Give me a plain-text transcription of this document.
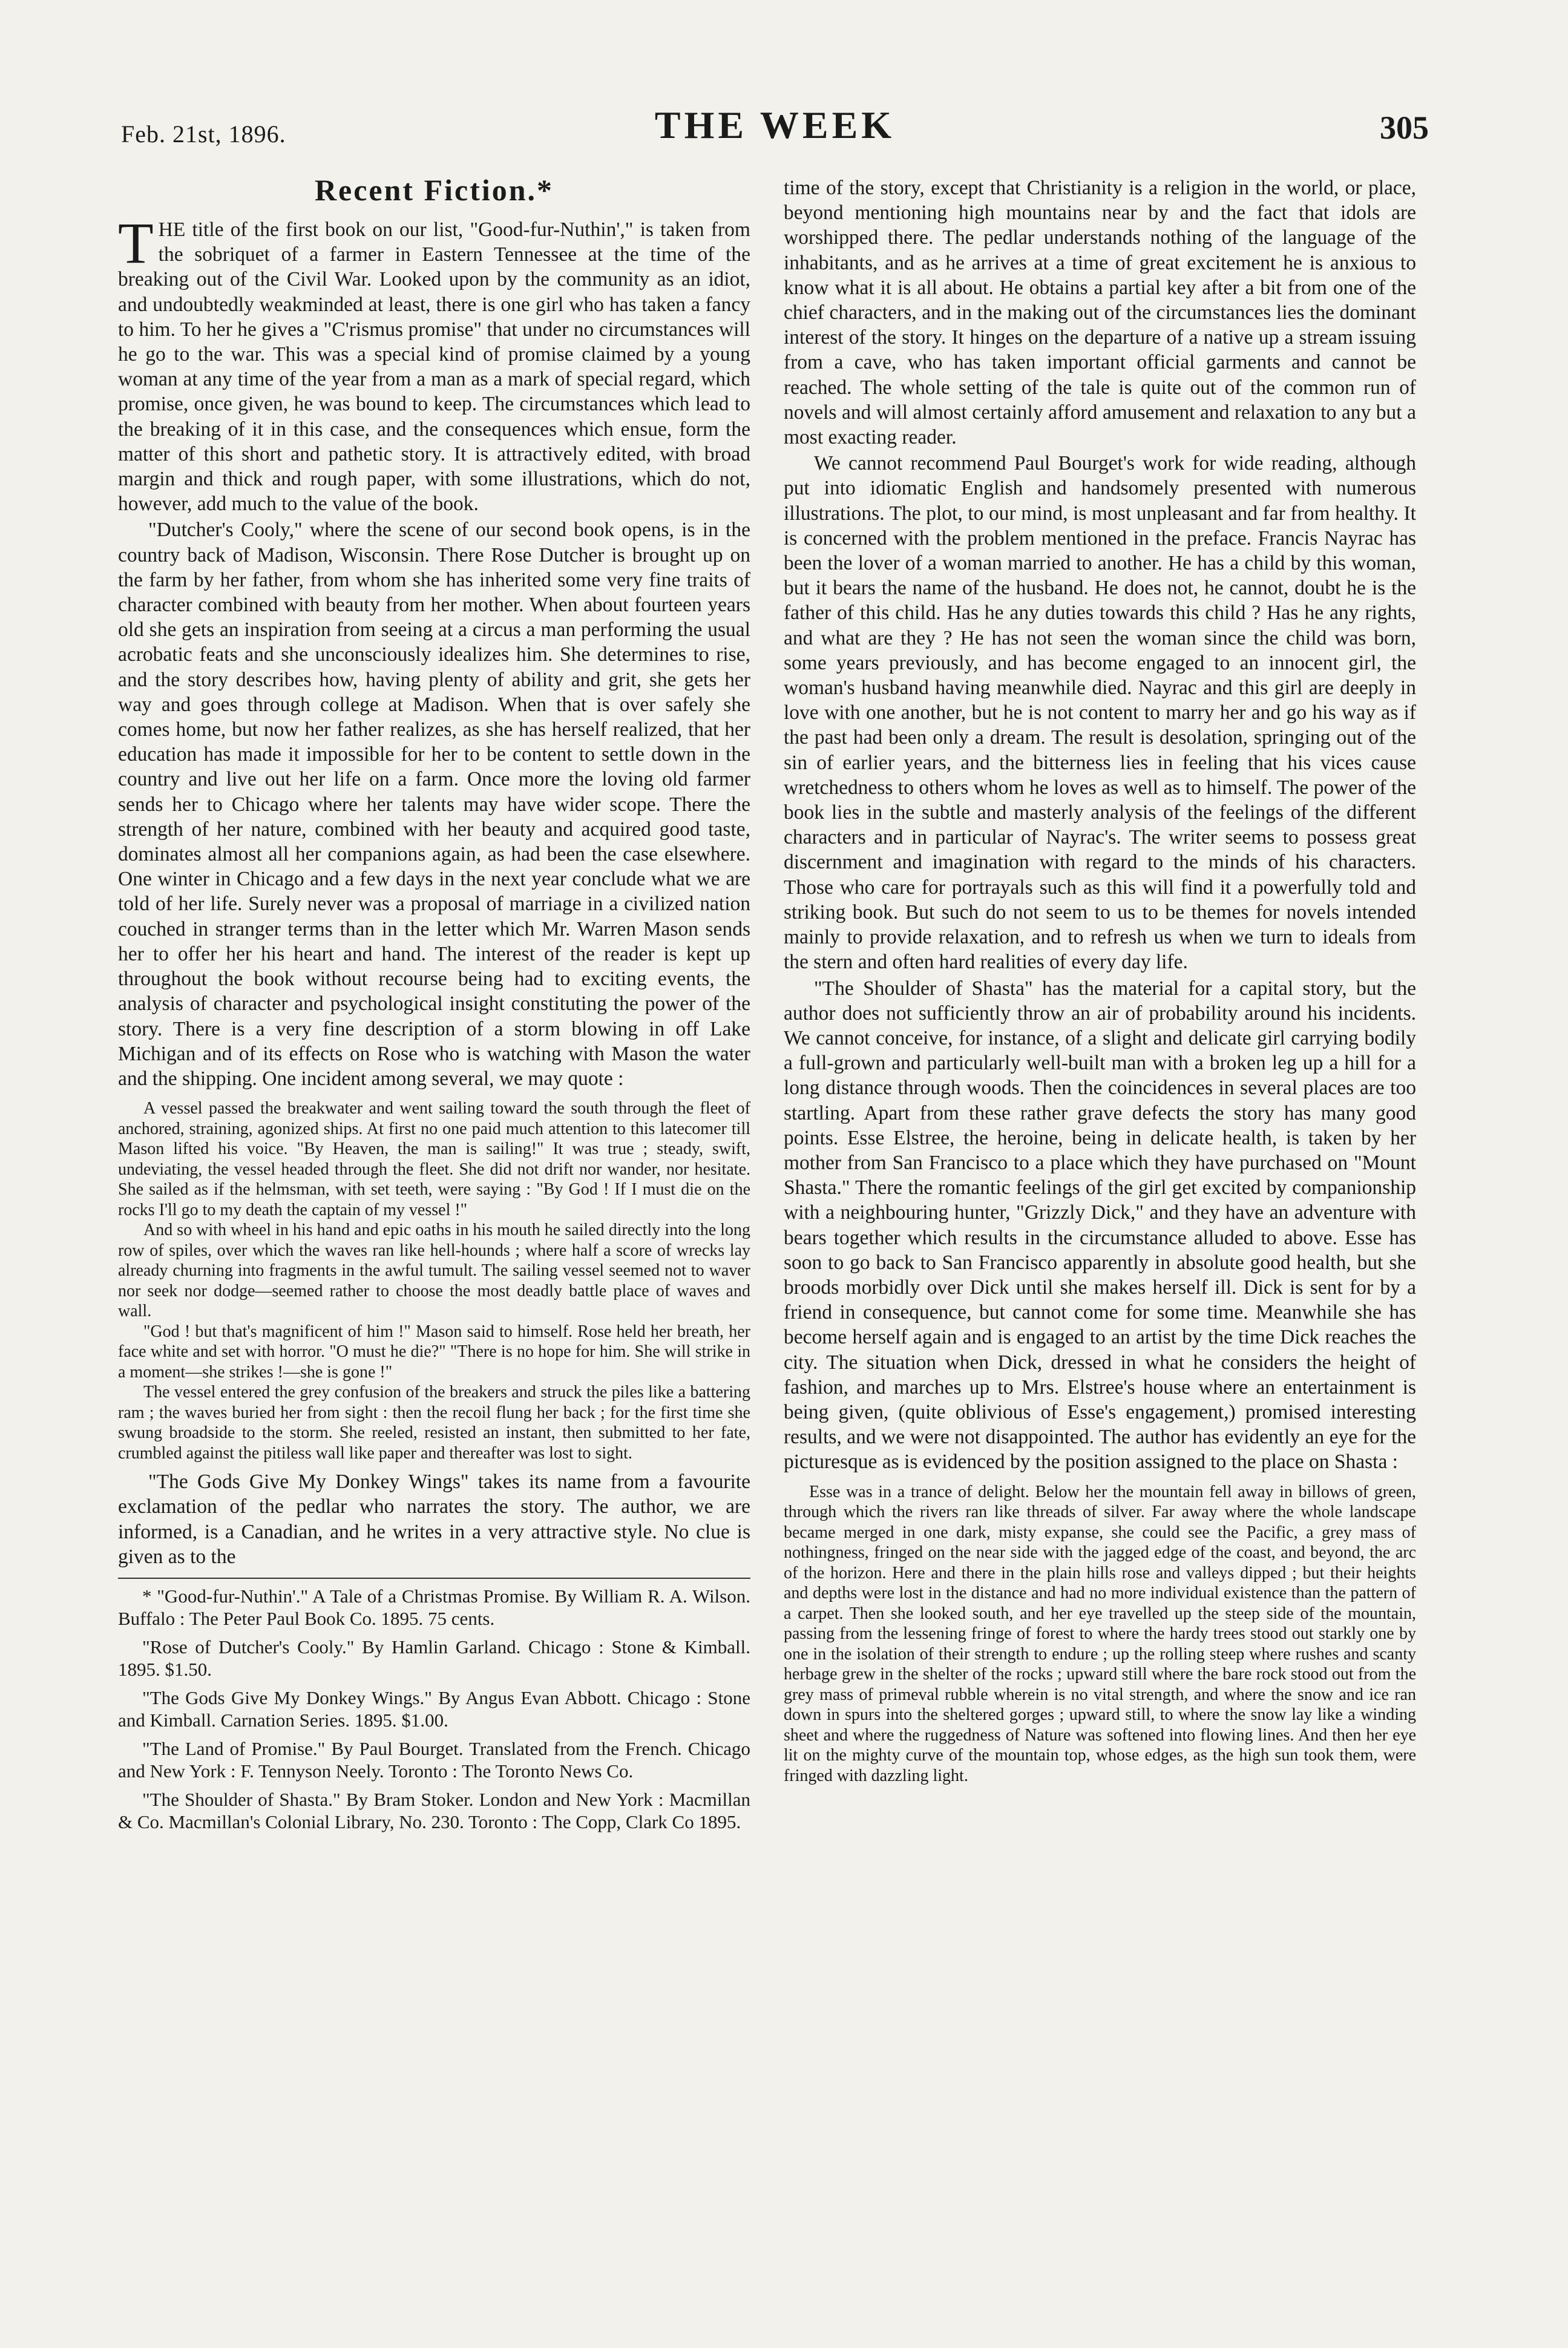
Feb. 21st, 1896.	THE WEEK	305
Recent Fiction.*

THE title of the first book on our list, "Good-fur-Nuthin'," is taken from the sobriquet of a farmer in Eastern Tennessee at the time of the breaking out of the Civil War. Looked upon by the community as an idiot, and undoubtedly weakminded at least, there is one girl who has taken a fancy to him. To her he gives a "C'rismus promise" that under no circumstances will he go to the war. This was a special kind of promise claimed by a young woman at any time of the year from a man as a mark of special regard, which promise, once given, he was bound to keep. The circumstances which lead to the breaking of it in this case, and the consequences which ensue, form the matter of this short and pathetic story. It is attractively edited, with broad margin and thick and rough paper, with some illustrations, which do not, however, add much to the value of the book.

"Dutcher's Cooly," where the scene of our second book opens, is in the country back of Madison, Wisconsin. There Rose Dutcher is brought up on the farm by her father, from whom she has inherited some very fine traits of character combined with beauty from her mother. When about fourteen years old she gets an inspiration from seeing at a circus a man performing the usual acrobatic feats and she unconsciously idealizes him. She determines to rise, and the story describes how, having plenty of ability and grit, she gets her way and goes through college at Madison. When that is over safely she comes home, but now her father realizes, as she has herself realized, that her education has made it impossible for her to be content to settle down in the country and live out her life on a farm. Once more the loving old farmer sends her to Chicago where her talents may have wider scope. There the strength of her nature, combined with her beauty and acquired good taste, dominates almost all her companions again, as had been the case elsewhere. One winter in Chicago and a few days in the next year conclude what we are told of her life. Surely never was a proposal of marriage in a civilized nation couched in stranger terms than in the letter which Mr. Warren Mason sends her to offer her his heart and hand. The interest of the reader is kept up throughout the book without recourse being had to exciting events, the analysis of character and psychological insight constituting the power of the story. There is a very fine description of a storm blowing in off Lake Michigan and of its effects on Rose who is watching with Mason the water and the shipping. One incident among several, we may quote :

A vessel passed the breakwater and went sailing toward the south through the fleet of anchored, straining, agonized ships. At first no one paid much attention to this latecomer till Mason lifted his voice. "By Heaven, the man is sailing!" It was true ; steady, swift, undeviating, the vessel headed through the fleet. She did not drift nor wander, nor hesitate. She sailed as if the helmsman, with set teeth, were saying : "By God ! If I must die on the rocks I'll go to my death the captain of my vessel !"

And so with wheel in his hand and epic oaths in his mouth he sailed directly into the long row of spiles, over which the waves ran like hell-hounds ; where half a score of wrecks lay already churning into fragments in the awful tumult. The sailing vessel seemed not to waver nor seek nor dodge—seemed rather to choose the most deadly battle place of waves and wall.

"God ! but that's magnificent of him !" Mason said to himself. Rose held her breath, her face white and set with horror. "O must he die?" "There is no hope for him. She will strike in a moment—she strikes !—she is gone !"

The vessel entered the grey confusion of the breakers and struck the piles like a battering ram ; the waves buried her from sight : then the recoil flung her back ; for the first time she swung broadside to the storm. She reeled, resisted an instant, then submitted to her fate, crumbled against the pitiless wall like paper and thereafter was lost to sight.

"The Gods Give My Donkey Wings" takes its name from a favourite exclamation of the pedlar who narrates the story. The author, we are informed, is a Canadian, and he writes in a very attractive style. No clue is given as to the

* "Good-fur-Nuthin'." A Tale of a Christmas Promise. By William R. A. Wilson. Buffalo : The Peter Paul Book Co. 1895. 75 cents.

"Rose of Dutcher's Cooly." By Hamlin Garland. Chicago : Stone & Kimball. 1895. $1.50.

"The Gods Give My Donkey Wings." By Angus Evan Abbott. Chicago : Stone and Kimball. Carnation Series. 1895. $1.00.

"The Land of Promise." By Paul Bourget. Translated from the French. Chicago and New York : F. Tennyson Neely. Toronto : The Toronto News Co.

"The Shoulder of Shasta." By Bram Stoker. London and New York : Macmillan & Co. Macmillan's Colonial Library, No. 230. Toronto : The Copp, Clark Co 1895.

time of the story, except that Christianity is a religion in the world, or place, beyond mentioning high mountains near by and the fact that idols are worshipped there. The pedlar understands nothing of the language of the inhabitants, and as he arrives at a time of great excitement he is anxious to know what it is all about. He obtains a partial key after a bit from one of the chief characters, and in the making out of the circumstances lies the dominant interest of the story. It hinges on the departure of a native up a stream issuing from a cave, who has taken important official garments and cannot be reached. The whole setting of the tale is quite out of the common run of novels and will almost certainly afford amusement and relaxation to any but a most exacting reader.

We cannot recommend Paul Bourget's work for wide reading, although put into idiomatic English and handsomely presented with numerous illustrations. The plot, to our mind, is most unpleasant and far from healthy. It is concerned with the problem mentioned in the preface. Francis Nayrac has been the lover of a woman married to another. He has a child by this woman, but it bears the name of the husband. He does not, he cannot, doubt he is the father of this child. Has he any duties towards this child ? Has he any rights, and what are they ? He has not seen the woman since the child was born, some years previously, and has become engaged to an innocent girl, the woman's husband having meanwhile died. Nayrac and this girl are deeply in love with one another, but he is not content to marry her and go his way as if the past had been only a dream. The result is desolation, springing out of the sin of earlier years, and the bitterness lies in feeling that his vices cause wretchedness to others whom he loves as well as to himself. The power of the book lies in the subtle and masterly analysis of the feelings of the different characters and in particular of Nayrac's. The writer seems to possess great discernment and imagination with regard to the minds of his characters. Those who care for portrayals such as this will find it a powerfully told and striking book. But such do not seem to us to be themes for novels intended mainly to provide relaxation, and to refresh us when we turn to ideals from the stern and often hard realities of every day life.

"The Shoulder of Shasta" has the material for a capital story, but the author does not sufficiently throw an air of probability around his incidents. We cannot conceive, for instance, of a slight and delicate girl carrying bodily a full-grown and particularly well-built man with a broken leg up a hill for a long distance through woods. Then the coincidences in several places are too startling. Apart from these rather grave defects the story has many good points. Esse Elstree, the heroine, being in delicate health, is taken by her mother from San Francisco to a place which they have purchased on "Mount Shasta." There the romantic feelings of the girl get excited by companionship with a neighbouring hunter, "Grizzly Dick," and they have an adventure with bears together which results in the circumstance alluded to above. Esse has soon to go back to San Francisco apparently in absolute good health, but she broods morbidly over Dick until she makes herself ill. Dick is sent for by a friend in consequence, but cannot come for some time. Meanwhile she has become herself again and is engaged to an artist by the time Dick reaches the city. The situation when Dick, dressed in what he considers the height of fashion, and marches up to Mrs. Elstree's house where an entertainment is being given, (quite oblivious of Esse's engagement,) promised interesting results, and we were not disappointed. The author has evidently an eye for the picturesque as is evidenced by the position assigned to the place on Shasta :

Esse was in a trance of delight. Below her the mountain fell away in billows of green, through which the rivers ran like threads of silver. Far away where the whole landscape became merged in one dark, misty expanse, she could see the Pacific, a grey mass of nothingness, fringed on the near side with the jagged edge of the coast, and beyond, the arc of the horizon. Here and there in the plain hills rose and valleys dipped ; but their heights and depths were lost in the distance and had no more individual existence than the pattern of a carpet. Then she looked south, and her eye travelled up the steep side of the mountain, passing from the lessening fringe of forest to where the hardy trees stood out starkly one by one in the isolation of their strength to endure ; up the rolling steep where rushes and scanty herbage grew in the shelter of the rocks ; upward still where the bare rock stood out from the grey mass of primeval rubble wherein is no vital strength, and where the snow and ice ran down in spurs into the sheltered gorges ; upward still, to where the snow lay like a winding sheet and where the ruggedness of Nature was softened into flowing lines. And then her eye lit on the mighty curve of the mountain top, whose edges, as the high sun took them, were fringed with dazzling light.
